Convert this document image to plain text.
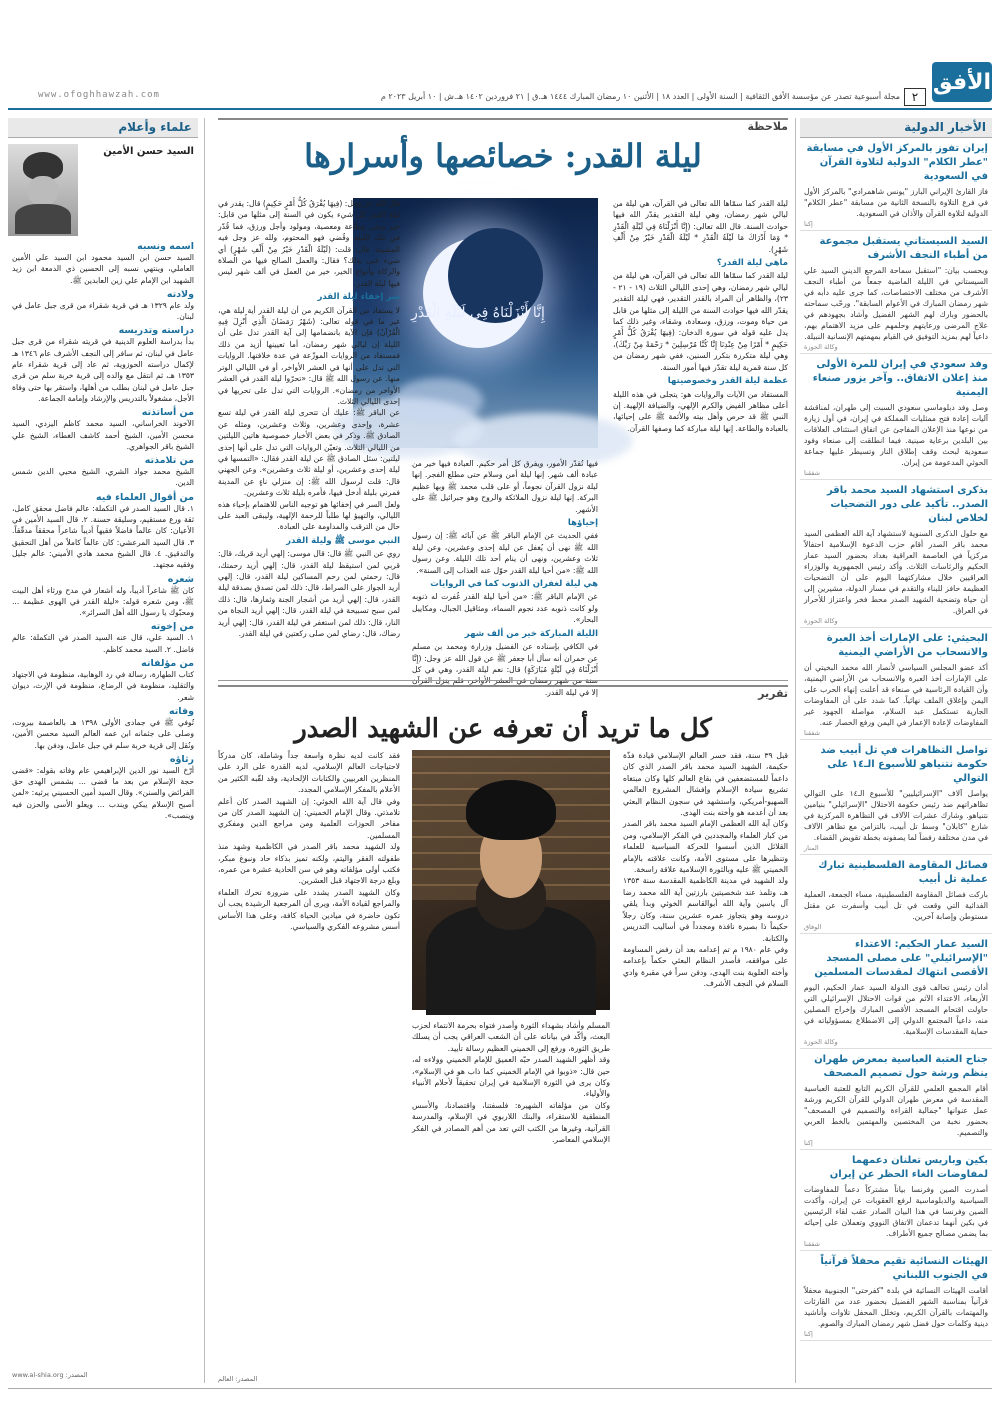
الأفق
٢
مجلة أسبوعية تصدر عن مؤسسة الأفق الثقافية | السنة الأولى | العدد ١٨ | الأثنين ١٠ رمضان المبارك ١٤٤٤ هـ.ق | ٢١ فروردين ١٤٠٢ هـ.ش | ١٠ أبريل ٢٠٢٣ م
www.ofoghhawzah.com
الأخبار الدولية
إيران تفوز بالمركز الأول في مسابقة "عطر الكلام" الدولية لتلاوة القرآن في السعودية
فاز القارئ الإيراني البارز "يونس شاهمرادي" بالمركز الأول في فرع التلاوة بالنسخة الثانية من مسابقة "عطر الكلام" الدولية لتلاوة القرآن والأذان في السعودية.
إكنا
السيد السيستاني يستقبل مجموعة من أطباء النجف الأشرف
ويحسب بيان: "استقبل سماحة المرجع الديني السيد علي السيستاني في الليلة الماضية جمعاً من أطباء النجف الأشرف من مختلف الاختصاصات، كما جرى عليه دأبه في شهر رمضان المبارك في الأعوام السابقة". ورحّب سماحته بالحضور وبارك لهم الشهر الفضيل وأشاد بجهودهم في علاج المرضى ورعايتهم وحلمهم على مزيد الاهتمام بهم، داعياً لهم بمزيد التوفيق في القيام بمهمتهم الإنسانية النبيلة.
وكالة الحوزة
وفد سعودي في إيران للمرة الأولى منذ إعلان الاتفاق.. وآخر يزور صنعاء اليمنية
وصل وفد دبلوماسي سعودي السبت إلى طهران، لمناقشة آليات إعادة فتح ممثليات المملكة في إيران، في أول زيارة من نوعها منذ الإعلان المفاجئ عن اتفاق استئناف العلاقات بين البلدين برعاية صينية. فيما انطلقت إلى صنعاء وفود سعودية لبحث وقف إطلاق النار وتسيطر عليها جماعة الحوثي المدعومة من إيران.
شفقنا
بذكرى استشهاد السيد محمد باقر الصدر.. تأكيد على دور التضحيات لخلاص لبنان
مع حلول الذكرى السنوية لاستشهاد آية الله العظمى السيد محمد باقر الصدر أقام حزب الدعوة الإسلامية احتفالاً مركزياً في العاصمة العراقية بغداد بحضور السيد عمار الحكيم والرئاسات الثلاث. وأكد رئيس الجمهورية والوزراء العراقيين خلال مشاركتهما اليوم على أن التضحيات العظيمة حافز للبناء والتقدم في مسار الدولة، مشيرين إلى أن حياة وتضحية الشهيد الصدر محط فخر واعتزاز للأحرار في العراق.
وكالة الحوزة
البحيثي: على الإمارات أخذ العبرة والانسحاب من الأراضي اليمنية
أكد عضو المجلس السياسي لأنصار الله محمد البخيتي أن على الإمارات أخذ العبرة والانسحاب من الأراضي اليمنية، وأن القيادة الرئاسية في صنعاء قد أعلنت إنهاء الحرب على اليمن وإغلاق الملف نهائياً. كما شدد على أن المفاوضات الجارية تستكمل عبد السلام، مواصلة الجهود غير المفاوضات لإعادة الإعمار في اليمن ورفع الحصار عنه.
شفقنا
تواصل التظاهرات في تل أبيب ضد حكومة نتنياهو للأسبوع الـ١٤ على التوالي
يواصل آلاف "الإسرائيليين" للأسبوع الـ١٤ على التوالي تظاهراتهم ضد رئيس حكومة الاحتلال "الإسرائيلي" بنيامين نتنياهو. وشارك عشرات الآلاف في التظاهرة المركزية في شارع "كابلان" وسط تل أبيب، بالتزامن مع تظاهر الآلاف في مدن مختلفة رفضاً لما يصفونه بخطة تقويض القضاء.
المنار
فصائل المقاومة الفلسطينية تبارك عملية تل أبيب
باركت فصائل المقاومة الفلسطينية، مساء الجمعة، العملية الفدائية التي وقعت في تل أبيب وأسفرت عن مقتل مستوطن وإصابة آخرين.
الوفاق
السيد عمار الحكيم: الاعتداء "الإسرائيلي" على مصلى المسجد الأقصى انتهاك لمقدسات المسلمين
أدان رئيس تحالف قوى الدولة السيد عمار الحكيم، اليوم الأربعاء، الاعتداء الآثم من قوات الاحتلال الإسرائيلي التي حاولت اقتحام المسجد الأقصى المبارك وإخراج المصلين منه، داعياً المجتمع الدولي إلى الاضطلاع بمسؤولياته في حماية المقدسات الإسلامية.
وكالة الحوزة
جناح العتبة العباسية بمعرض طهران ينظم ورشة حول تصميم المصحف
أقام المجمع العلمي للقرآن الكريم التابع للعتبة العباسية المقدسة في معرض طهران الدولي للقرآن الكريم ورشة عمل عنوانها "جمالية القراءة والتصميم في المصحف" بحضور نخبة من المختصين والمهتمين بالخط العربي والتصميم.
إكنا
بكين وباريس تعلنان دعمهما لمفاوضات الغاء الحظر عن إيران
أصدرت الصين وفرنسا بياناً مشتركاً دعماً للمفاوضات السياسية والدبلوماسية لرفع العقوبات عن إيران، وأكدت الصين وفرنسا في هذا البيان الصادر عقب لقاء الرئيسين في بكين أنهما تدعمان الاتفاق النووي وتعملان على إحيائه بما يضمن مصالح جميع الأطراف.
شفقنا
الهيئات النسائية تقيم محفلاً قرآنياً في الجنوب اللبناني
أقامت الهيئات النسائية في بلدة "كفرحتى" الجنوبية محفلاً قرآنياً بمناسبة الشهر الفضيل بحضور عدد من القارئات والمهتمات بالقرآن الكريم، وتخلل المحفل تلاوات وأناشيد دينية وكلمات حول فضل شهر رمضان المبارك والصوم.
إكنا
ملاحظة
ليلة القدر: خصائصها وأسرارها

ليلة القدر كما سمّاها الله تعالى في القرآن، هي ليلة من ليالي شهر رمضان، وهي ليلة التقدير يقدّر الله فيها حوادث السنة. قال الله تعالى: (إِنَّا أَنْزَلْنَاهُ فِي لَيْلَةِ الْقَدْرِ * وَمَا أَدْرَاكَ مَا لَيْلَةُ الْقَدْرِ * لَيْلَةُ الْقَدْرِ خَيْرٌ مِنْ أَلْفِ شَهْرٍ).

ماهي ليلة القدر؟

ليلة القدر كما سمّاها الله تعالى في القرآن، هي ليلة من ليالي شهر رمضان، وهي إحدى الليالي الثلاث (١٩ - ٢١ - ٢٣)، والظاهر أن المراد بالقدر التقدير، فهي ليلة التقدير يقدّر الله فيها حوادث السنة من الليلة إلى مثلها من قابل من حياة وموت، ورزق، وسعادة، وشقاء، وغير ذلك كما يدل عليه قوله في سورة الدخان: (فِيهَا يُفْرَقُ كُلُّ أَمْرٍ حَكِيمٍ * أَمْرًا مِنْ عِنْدِنَا إِنَّا كُنَّا مُرْسِلِينَ * رَحْمَةً مِنْ رَبِّكَ)، وهي ليلة متكررة بتكرر السنين، ففي شهر رمضان من كل سنة قمرية ليلة تقدّر فيها أمور السنة.

عظمة ليلة القدر وخصوصيتها

المستفاد من الآيات والروايات هو: يتجلى في هذه الليلة أعلى مظاهر الفيض والكرم الإلهي، والضيافة الإلهية. إن النبي ﷺ قد حرص وأهل بيته والأئمة ﷺ على إحيائها، بالعبادة والطاعة. إنها ليلة مباركة كما وصفها القرآن.

إِنَّا أَنْزَلْنَاهُ فِي لَيْلَةِ الْقَدْرِ

فيها تُقدّر الأمور، ويفرق كل أمر حكيم. العبادة فيها خير من عبادة ألف شهر. إنها ليلة أمن وسلام حتى مطلع الفجر. إنها ليلة نزول القرآن نجوماً، أو على قلب محمد ﷺ وبها عظيم البركة. إنها ليلة نزول الملائكة والروح وهو جبرائيل ﷺ على الأشهر.

إحياؤها

ففي الحديث عن الإمام الباقر ﷺ عن آبائه ﷺ: إن رسول الله ﷺ نهى أن يُغفل عن ليلة إحدى وعشرين، وعن ليلة ثلاث وعشرين، ونهى أن ينام أحد تلك الليلة. وعن رسول الله ﷺ: «من أحيا ليلة القدر حوّل عنه العذاب إلى السنة».

هي ليلة لغفران الذنوب كما في الروايات

عن الإمام الباقر ﷺ: «من أحيا ليلة القدر غُفرت له ذنوبه ولو كانت ذنوبه عدد نجوم السماء، ومثاقيل الجبال، ومكاييل البحار».

الليلة المباركة خير من ألف شهر

في الكافي بإسناده عن الفضيل وزرارة ومحمد بن مسلم عن حمران أنه سأل أبا جعفر ﷺ عن قول الله عز وجل: (إِنَّا أَنْزَلْنَاهُ فِي لَيْلَةٍ مُبَارَكَةٍ) قال: نعم ليلة القدر، وهي في كل إلا في ليلة القدر.

قال الله عز وجل: (فِيهَا يُفْرَقُ كُلُّ أَمْرٍ حَكِيمٍ) قال: يقدر في ليلة القدر كل شيء يكون في السنة إلى مثلها من قابل: خير وشر، وطاعة ومعصية، ومولود وأجل ورزق، فما قُدّر في تلك الليلة وقُضي فهو المحتوم، ولله عز وجل فيه المشيئة. قال: قلت: (لَيْلَةُ الْقَدْرِ خَيْرٌ مِنْ أَلْفِ شَهْرٍ) أي شيء عنى بذلك؟ فقال: والعمل الصالح فيها من الصلاة والزكاة وأنواع الخير، خير من العمل في ألف شهر ليس فيها ليلة القدر.

سر إخفاء ليلة القدر

لا يستفاد من القرآن الكريم من أن ليلة القدر أية ليلة هي، غير ما في قوله تعالى: (شَهْرُ رَمَضَانَ الَّذِي أُنْزِلَ فِيهِ الْقُرْآنُ) فإن الآية بانضمامها إلى آية القدر تدل على أن الليلة إن ليالي شهر رمضان، أما تعيينها أزيد من ذلك فمستفاد من الروايات الموزّعة في عدة خلافتها. الروايات التي تدل على أنها في العشر الأواخر، أو في الليالي الوتر منها. عن رسول الله ﷺ قال: «تحرّوا ليلة القدر في العشر الأواخر من رمضان». الروايات التي تدل على تحريها في إحدى الليالي الثلاث.

عن الباقر ﷺ: عليك أن تتحرى ليلة القدر في ليلة تسع عشرة، وإحدى وعشرين، وثلاث وعشرين، ومثله عن الصادق ﷺ. وذكر في بعض الأخبار خصوصية هاتين الليلتين من الليالي الثلاث. وتعيّن الروايات التي تدل على أنها إحدى ليلتين: سئل الصادق ﷺ عن ليلة القدر فقال: «التمسها في ليلة إحدى وعشرين، أو ليلة ثلاث وعشرين». وعن الجهني قال: قلت لرسول الله ﷺ: إن منزلي ناءٍ عن المدينة فمرني بليلة أدخل فيها، فأمره بليلة ثلاث وعشرين.

ولعل السر في إخفائها هو توجيه الناس للاهتمام بإحياء هذه الليالي، والتهيؤ لها طلباً للرحمة الإلهية، وليبقى العبد على حال من الترقب والمداومة على العبادة.

النبي موسى ﷺ وليلة القدر

روي عن النبي ﷺ قال: قال موسى: إلهي أريد قربك، قال: قربي لمن استيقظ ليلة القدر، قال: إلهي أريد رحمتك، قال: رحمتي لمن رحم المساكين ليلة القدر، قال: إلهي أريد الجواز على الصراط، قال: ذلك لمن تصدق بصدقة ليلة القدر، قال: إلهي أريد من أشجار الجنة وثمارها، قال: ذلك لمن سبح تسبيحة في ليلة القدر، قال: إلهي أريد النجاة من النار، قال: ذلك لمن استغفر في ليلة القدر، قال: إلهي أريد رضاك، قال: رضاي لمن صلى ركعتين في ليلة القدر.

تقرير
كل ما تريد أن تعرفه عن الشهيد الصدر

قبل ٣٩ سنة، فقد خسر العالم الإسلامي قيادة فذّة حكيمة، الشهيد السيد محمد باقر الصدر الذي كان داعماً للمستضعفين في بقاع العالم كلها وكان مبتغاه تشريع سيادة الإسلام وإفشال المشروع العالمي الصهيو-أمريكي، واستشهد في سجون النظام البعثي بعد أن أعدمه هو وأخته بنت الهدى.

وكان آية الله العظمى الإمام السيد محمد باقر الصدر من كبار العلماء والمجددين في الفكر الإسلامي، ومن القلائل الذين أسسوا للحركة السياسية للعلماء وتنظيرها على مستوى الأمة، وكانت علاقته بالإمام الخميني ﷺ عليه وبالثورة الإسلامية علاقة راسخة.

ولد الشهيد في مدينة الكاظمية المقدسة سنة ١٣٥٣ هـ، وتلمذ عند شخصيتين بارزتين آية الله محمد رضا آل ياسين وآية الله أبوالقاسم الخوئي وبدأ يلقي دروسه وهو يتجاوز عمره عشرين سنة، وكان رجلاً حكيماً ذا بصيرة نافذة ومجدداً في أساليب التدريس والكتابة.

وفي عام ١٩٨٠ م تم إعدامه بعد أن رفض المساومة على مواقفه، فأصدر النظام البعثي حكماً بإعدامه وأخته العلوية بنت الهدى، ودفن سراً في مقبرة وادي السلام في النجف الأشرف.

المسلم وأشاد بشهداء الثورة وأصدر فتواه بحرمة الانتماء لحزب البعث، وأكّد في بياناته على أن الشعب العراقي يجب أن يسلك طريق الثورة، ورفع إلى الخميني العظيم رسالة تأييد.

وقد أظهر الشهيد الصدر حبّه العميق للإمام الخميني وولاءه له، حين قال: «ذوبوا في الإمام الخميني كما ذاب هو في الإسلام»، وكان يرى في الثورة الإسلامية في إيران تحقيقاً لأحلام الأنبياء والأولياء.

وكان من مؤلفاته الشهيرة: فلسفتنا، واقتصادنا، والأسس المنطقية للاستقراء، والبنك اللاربوي في الإسلام، والمدرسة القرآنية، وغيرها من الكتب التي تعد من أهم المصادر في الفكر الإسلامي المعاصر.

فقد كانت لديه نظرة واسعة جداً وشاملة، كان مدركاً لاحتياجات العالم الإسلامي، لديه القدرة على الرد على المنظرين الغربيين والكتابات الإلحادية، وقد لقّبه الكثير من الأعلام بالمفكر الإسلامي المجدد.

وفي قال آية الله الخوئي: إن الشهيد الصدر كان أعلم تلامذتي. وقال الإمام الخميني: إن الشهيد الصدر كان من مفاخر الحوزات العلمية ومن مراجع الدين ومفكري المسلمين.

ولد الشهيد محمد باقر الصدر في الكاظمية وشهد منذ طفولته الفقر واليتم، ولكنه تميز بذكاء حاد ونبوغ مبكر، فكتب أولى مؤلفاته وهو في سن الحادية عشرة من عمره، وبلغ درجة الاجتهاد قبل العشرين.

وكان الشهيد الصدر يشدد على ضرورة تحرك العلماء والمراجع لقيادة الأمة، ويرى أن المرجعية الرشيدة يجب أن تكون حاضرة في ميادين الحياة كافة، وعلى هذا الأساس أسس مشروعه الفكري والسياسي.

المصدر: العالم
علماء وأعلام
السيد حسن الأمين
اسمه ونسبه
السيد حسن ابن السيد محمود ابن السيد علي الأمين العاملي، وينتهي نسبه إلى الحسين ذي الدمعة ابن زيد الشهيد ابن الإمام علي زين العابدين ﷺ.
ولادته
ولد عام ١٣٢٩ هـ في قرية شقراء من قرى جبل عامل في لبنان.
دراسته وتدريسه
بدأ بدراسة العلوم الدينية في قريته شقراء من قرى جبل عامل في لبنان، ثم سافر إلى النجف الأشرف عام ١٣٤٦ هـ لإكمال دراسته الحوزوية، ثم عاد إلى قرية شقراء عام ١٣٥٣ هـ، ثم انتقل مع والده إلى قرية خربة سلم من قرى جبل عامل في لبنان بطلب من أهلها، واستقر بها حتى وفاة الأجل، مشغولاً بالتدريس والإرشاد وإمامة الجماعة.
من أساتذته
الآخوند الخراساني، السيد محمد كاظم اليزدي، السيد محسن الأمين، الشيخ أحمد كاشف الغطاء، الشيخ علي الشيخ باقر الجواهري.
من تلامذته
الشيخ محمد جواد الشري، الشيخ محيي الدين شمس الدين.
من أقوال العلماء فيه
١. قال السيد الصدر في التكملة: عالم فاضل محقق كامل، ثقة ورع مستقيم، وسليقة حسنة. ٢. قال السيد الأمين في الأعيان: كان عالماً فاضلاً فقيهاً أديباً شاعراً محققاً مدقّقاً. ٣. قال السيد المرعشي: كان عالماً كاملاً من أهل التحقيق والتدقيق. ٤. قال الشيخ محمد هادي الأميني: عالم جليل وفقيه مجتهد.
شعره
كان ﷺ شاعراً أديباً، وله أشعار في مدح ورثاء أهل البيت ﷺ، ومن شعره قوله: «ليلة القدر في الهوى عظيمة ... ومحبّوك يا رسول الله أهل السرائر».
من إخوته
١. السيد علي، قال عنه السيد الصدر في التكملة: عالم فاضل. ٢. السيد محمد كاظم.
من مؤلفاته
كتاب الطهارة، رسالة في رد الوهابية، منظومة في الاجتهاد والتقليد، منظومة في الرضاع، منظومة في الإرث، ديوان شعر.
وفاته
تُوفي ﷺ في جمادى الأولى ١٣٩٨ هـ بالعاصمة بيروت، وصلى على جثمانه ابن عمه العالم السيد محسن الأمين، ونُقل إلى قرية خربة سلم في جبل عامل، ودفن بها.
رثاؤه
أرّخ السيد نور الدين الإبراهيمي عام وفاته بقوله: «قضى حجة الإسلام من بعد ما قضى ... بشمس الهدى حق الفرائض والسنن». وقال السيد أمين الحسيني يرثيه: «لمن أصبح الإسلام يبكي ويندب ... ويعلو الأسى والحزن فيه وينصب».
المصدر: www.al-shia.org
